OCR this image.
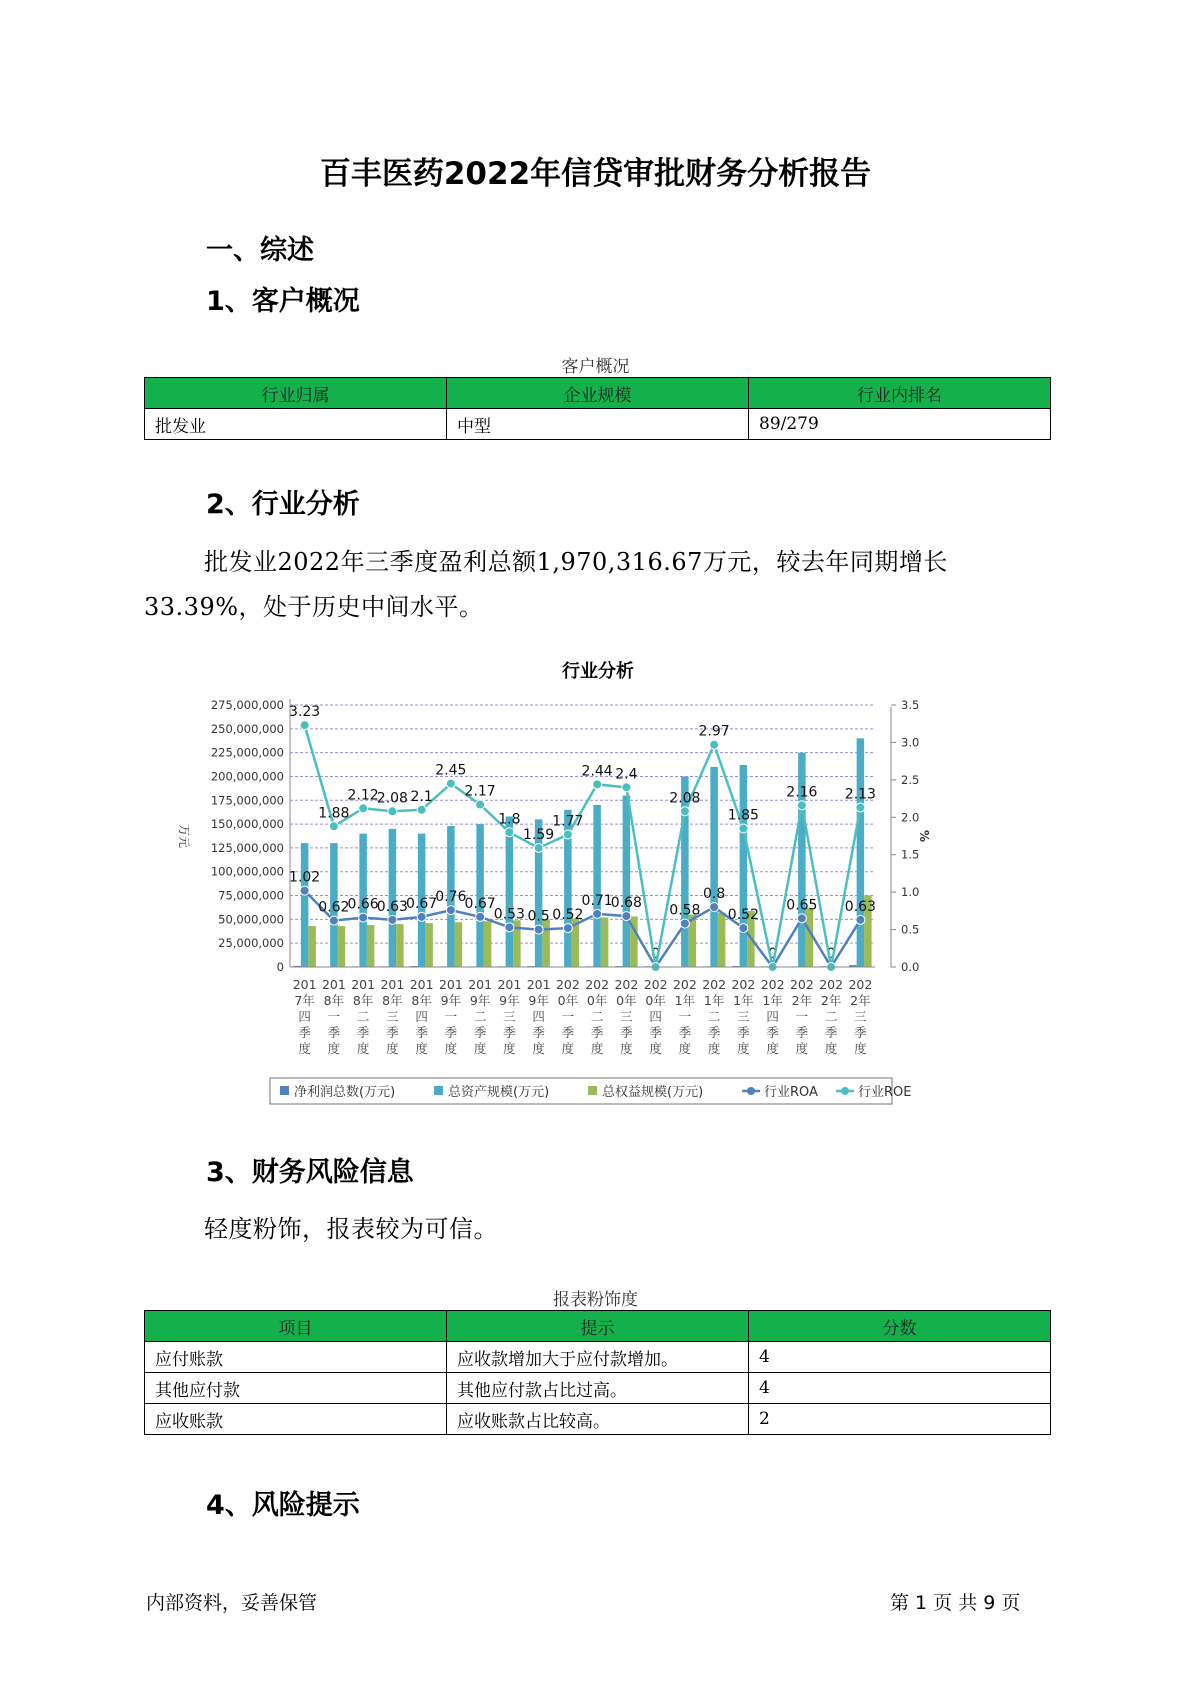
百丰医药2022年信贷审批财务分析报告
一、综述
1、客户概况
客户概况
行业归属	企业规模	行业内排名
批发业	中型	89/279
2、行业分析
批发业2022年三季度盈利总额1,970,316.67万元，较去年同期增长33.39%，处于历史中间水平。
行业分析
1.02
0.62
0.66
0.63
0.67
0.76
0.67
0.53 0.5 0.52
0.71
0.68
0
0.58
0.8
0.52
0
0.65
0
0.63
3.23
1.88
2.12
2.08 2.1
2.45
2.17
1.8
1.59
1.77
2.44 2.4
2.08
2.97
1.85
2.16 2.13
275,000,000
250,000,000
225,000,000
200,000,000
175,000,000
150,000,000
125,000,000
100,000,000
75,000,000
50,000,000
25,000,000
0
3.5
3.0
2.5
2.0
1.5
1.0
0.5
0.0
万元	%
201
7年
四
季
度
201
8年
一
季
度
201
8年
二
季
度
201
8年
三
季
度
201
8年
四
季
度
201
9年
一
季
度
201
9年
二
季
度
201
9年
三
季
度
201
9年
四
季
度
202
0年
一
季
度
202
0年
二
季
度
202
0年
三
季
度
202
0年
四
季
度
202
1年
一
季
度
202
1年
二
季
度
202
1年
三
季
度
202
1年
四
季
度
202
2年
一
季
度
202
2年
二
季
度
202
2年
三
季
度
净利润总数(万元)	总资产规模(万元)	总权益规模(万元)	行业ROA	行业ROE
3、财务风险信息
轻度粉饰，报表较为可信。
报表粉饰度
项目	提示	分数
应付账款	应收款增加大于应付款增加。	4
其他应付款	其他应付款占比过高。	4
应收账款	应收账款占比较高。	2
4、风险提示
内部资料，妥善保管	第 1 页 共 9 页
